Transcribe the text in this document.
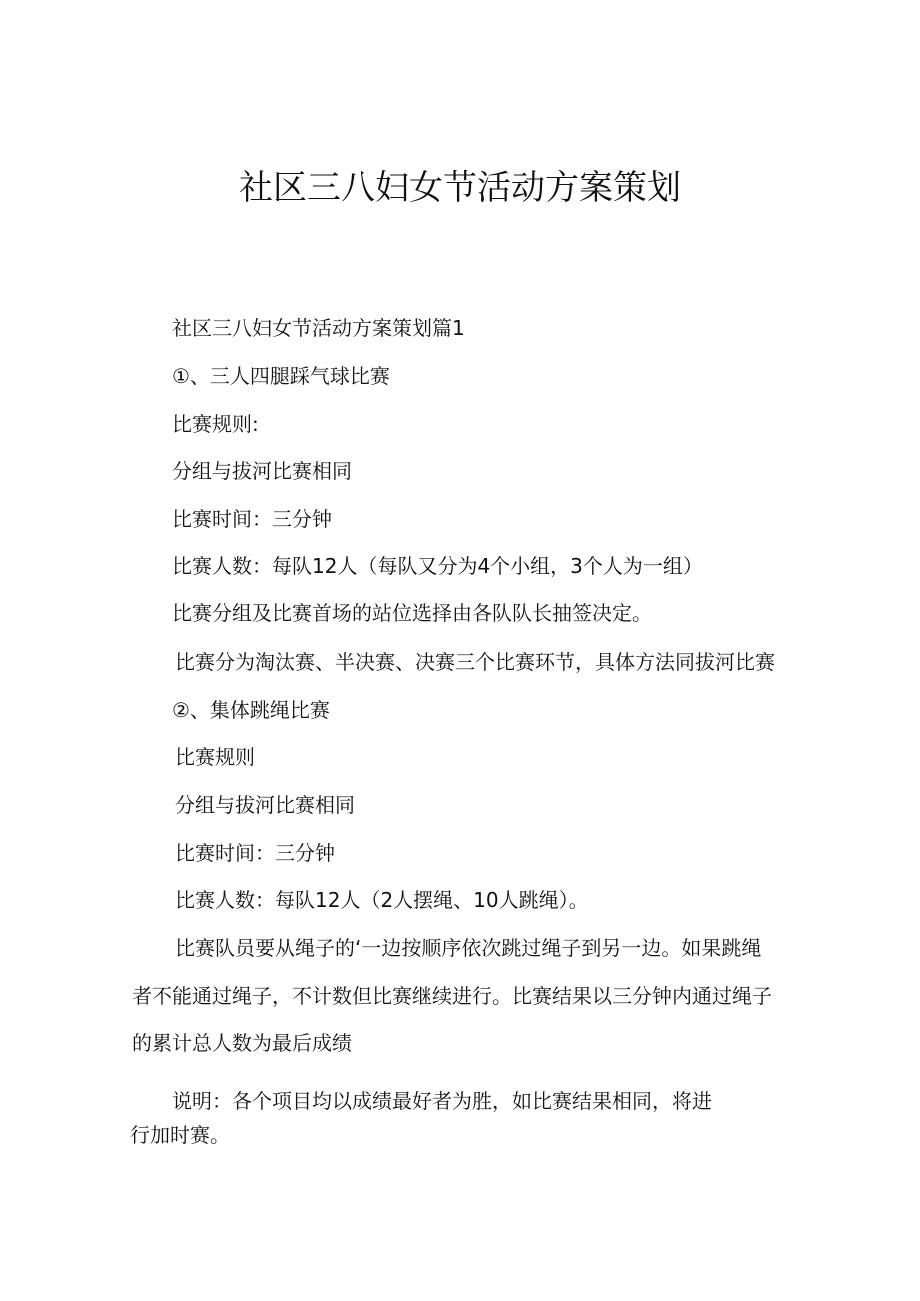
社区三八妇女节活动方案策划
社区三八妇女节活动方案策划篇1
①、三人四腿踩气球比赛
比赛规则:
分组与拔河比赛相同
比赛时间：三分钟
比赛人数：每队12人（每队又分为4个小组，3个人为一组）
比赛分组及比赛首场的站位选择由各队队长抽签决定。
比赛分为淘汰赛、半决赛、决赛三个比赛环节，具体方法同拔河比赛
②、集体跳绳比赛
比赛规则
分组与拔河比赛相同
比赛时间：三分钟
比赛人数：每队12人（2人摆绳、10人跳绳）。
比赛队员要从绳子的‘一边按顺序依次跳过绳子到另一边。如果跳绳
者不能通过绳子，不计数但比赛继续进行。比赛结果以三分钟内通过绳子
的累计总人数为最后成绩
说明：各个项目均以成绩最好者为胜，如比赛结果相同，将进
行加时赛。
